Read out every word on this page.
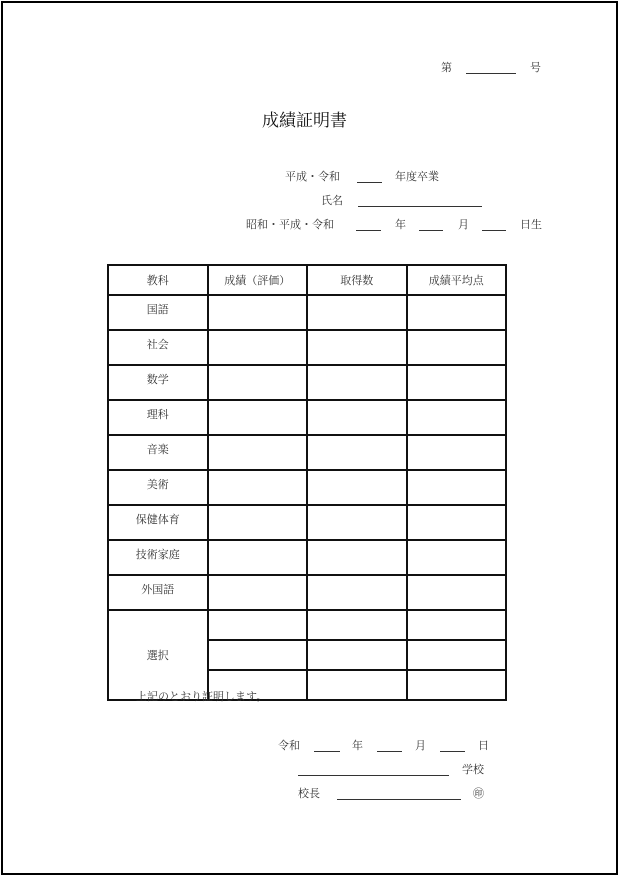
第	号
成績証明書
平成・令和	年度卒業
氏名
昭和・平成・令和	年	月	日生
教科	成績（評価）	取得数	成績平均点
国語			
社会			
数学			
理科			
音楽			
美術			
保健体育			
技術家庭			
外国語			
選択			

上記のとおり証明します。
令和	年	月	日
学校
校長	㊞
